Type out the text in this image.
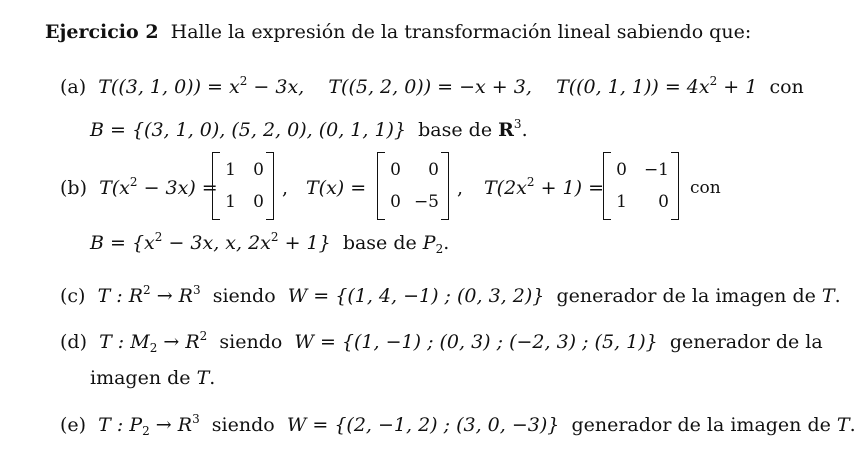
Ejercicio 2 Halle la expresión de la transformación lineal sabiendo que:
(a) T((3, 1, $0)) = x^2 - 3x$, T((5, 2, 0)) = −x + 3, T((0, 1, $1)) = 4x^2 + 1$ con
B = {(3, 1, 0), (5, 2, 0), (0, 1, 1)} base de $R^3$.
(b) $T(x^2 - 3x)$ =
1 0
1 0
, T(x) =
0	0
0 −5
, $T(2x^2 + 1)$ =
0 −1
1	0
con
$B = \{x^2 - 3x$, x, $2x^2 + 1$} base de $P_2$.
(c) T : $R^2 \to R^3$ siendo W = {(1, 4, −1) ; (0, 3, 2)} generador de la imagen de T.
(d) T : $M_2 \to R^2$ siendo W = {(1, −1) ; (0, 3) ; (−2, 3) ; (5, 1)} generador de la
imagen de T.
(e) T : $P_2 \to R^3$ siendo W = {(2, −1, 2) ; (3, 0, −3)} generador de la imagen de T.
